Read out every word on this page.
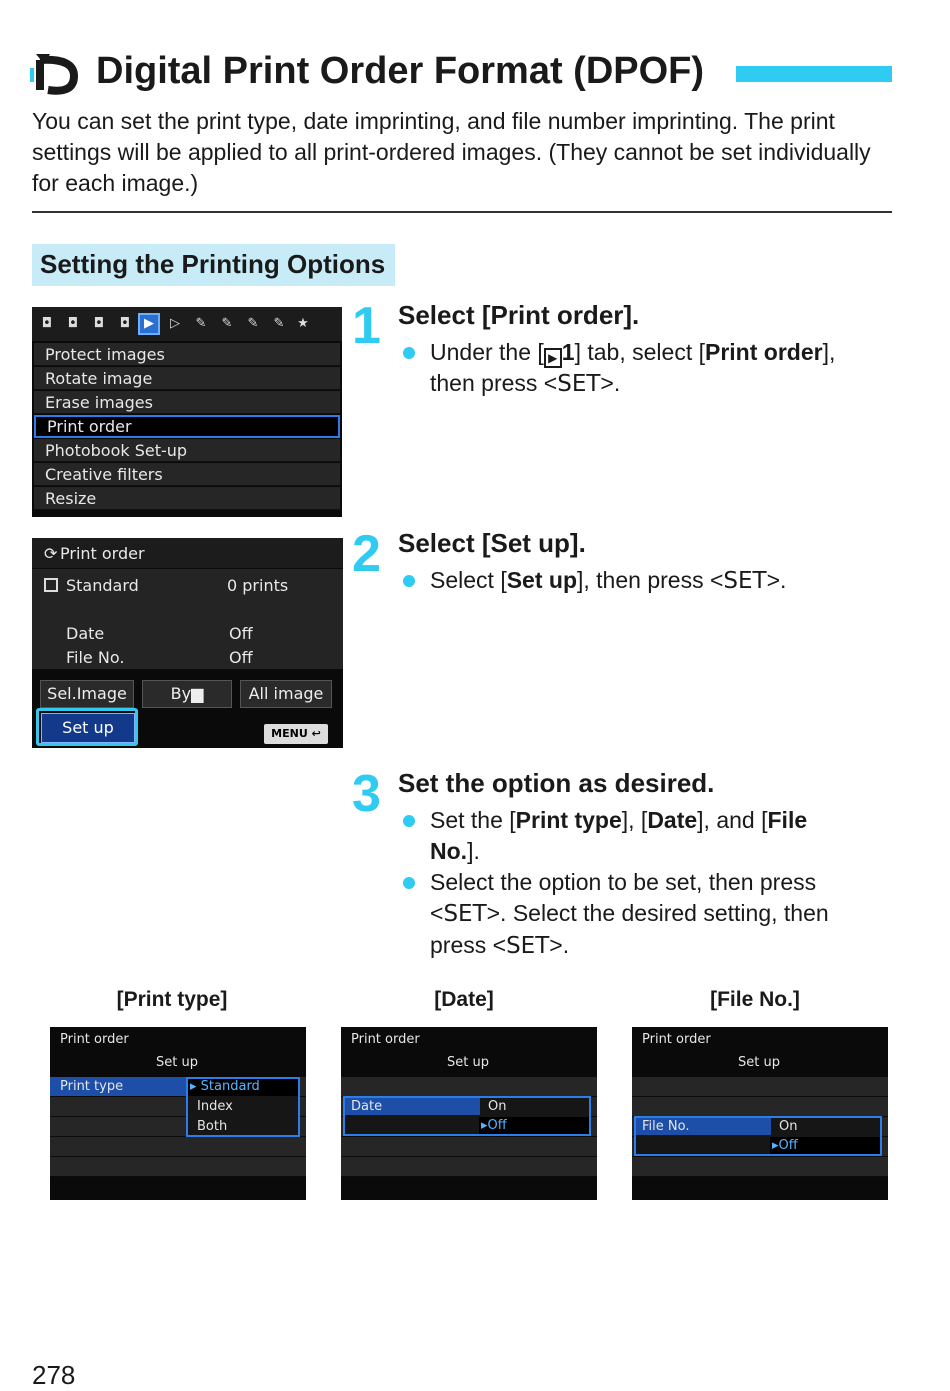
Digital Print Order Format (DPOF)
You can set the print type, date imprinting, and file number imprinting. The print settings will be applied to all print-ordered images. (They cannot be set individually for each image.)
Setting the Printing Options
◘ ◘ ◘ ◘	▶	▷	✎ ✎ ✎ ✎ ★
Protect images
Rotate image
Erase images
Print order
Photobook Set-up
Creative filters
Resize
⟳ Print order
Standard	0 prints
Date	Off
File No.	Off
Sel.Image	By▆	All image
Set up	MENU ↩
1 Select [Print order].
Under the [ ▶ 1] tab, select [Print order],
then press <SET>.
2 Select [Set up].
Select [Set up], then press <SET>.
3 Set the option as desired.
Set the [Print type], [Date], and [File
No.].
Select the option to be set, then press
<SET>. Select the desired setting, then
press <SET>.
[Print type]	[Date]	[File No.]
Print order
Set up
Print type	▸ Standard
Index
Both
Print order
Set up
Date	On
▸Off
Print order
Set up
File No.	On
▸Off
278
